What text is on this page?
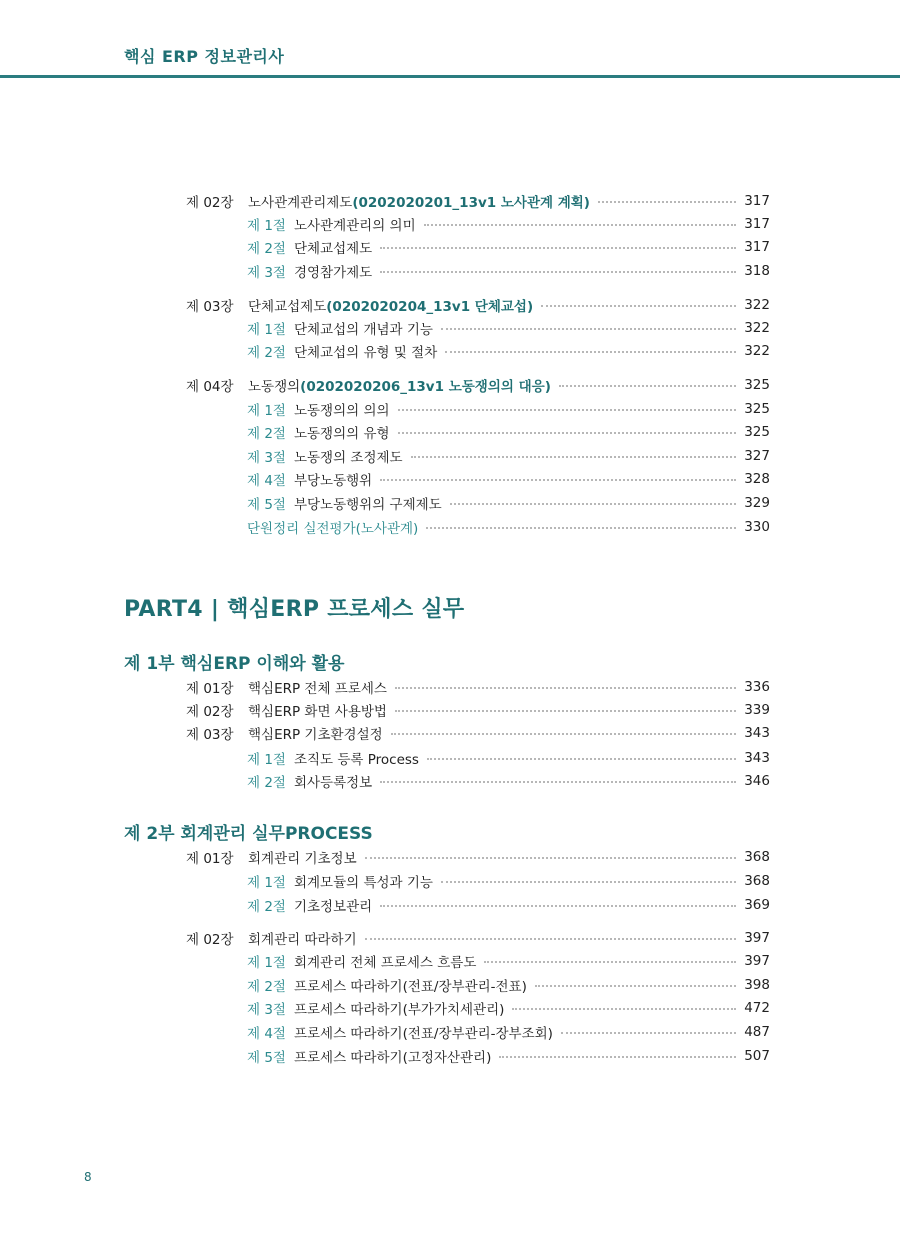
핵심 ERP 정보관리사
제 02장	노사관계관리제도 (0202020201_13v1 노사관계 계획)	317
제 1절 노사관계관리의 의미	317
제 2절 단체교섭제도	317
제 3절 경영참가제도	318
제 03장	단체교섭제도 (0202020204_13v1 단체교섭)	322
제 1절 단체교섭의 개념과 기능	322
제 2절 단체교섭의 유형 및 절차	322
제 04장	노동쟁의 (0202020206_13v1 노동쟁의의 대응)	325
제 1절 노동쟁의의 의의	325
제 2절 노동쟁의의 유형	325
제 3절 노동쟁의 조정제도	327
제 4절 부당노동행위	328
제 5절 부당노동행위의 구제제도	329
단원정리 실전평가(노사관계)	330
PART4 | 핵심ERP 프로세스 실무
제 1부 핵심ERP 이해와 활용
제 01장	핵심ERP 전체 프로세스	336
제 02장	핵심ERP 화면 사용방법	339
제 03장	핵심ERP 기초환경설정	343
제 1절 조직도 등록 Process	343
제 2절 회사등록정보	346
제 2부 회계관리 실무PROCESS
제 01장	회계관리 기초정보	368
제 1절 회계모듈의 특성과 기능	368
제 2절 기초정보관리	369
제 02장	회계관리 따라하기	397
제 1절 회계관리 전체 프로세스 흐름도	397
제 2절 프로세스 따라하기(전표/장부관리-전표)	398
제 3절 프로세스 따라하기(부가가치세관리)	472
제 4절 프로세스 따라하기(전표/장부관리-장부조회)	487
제 5절 프로세스 따라하기(고정자산관리)	507
8
